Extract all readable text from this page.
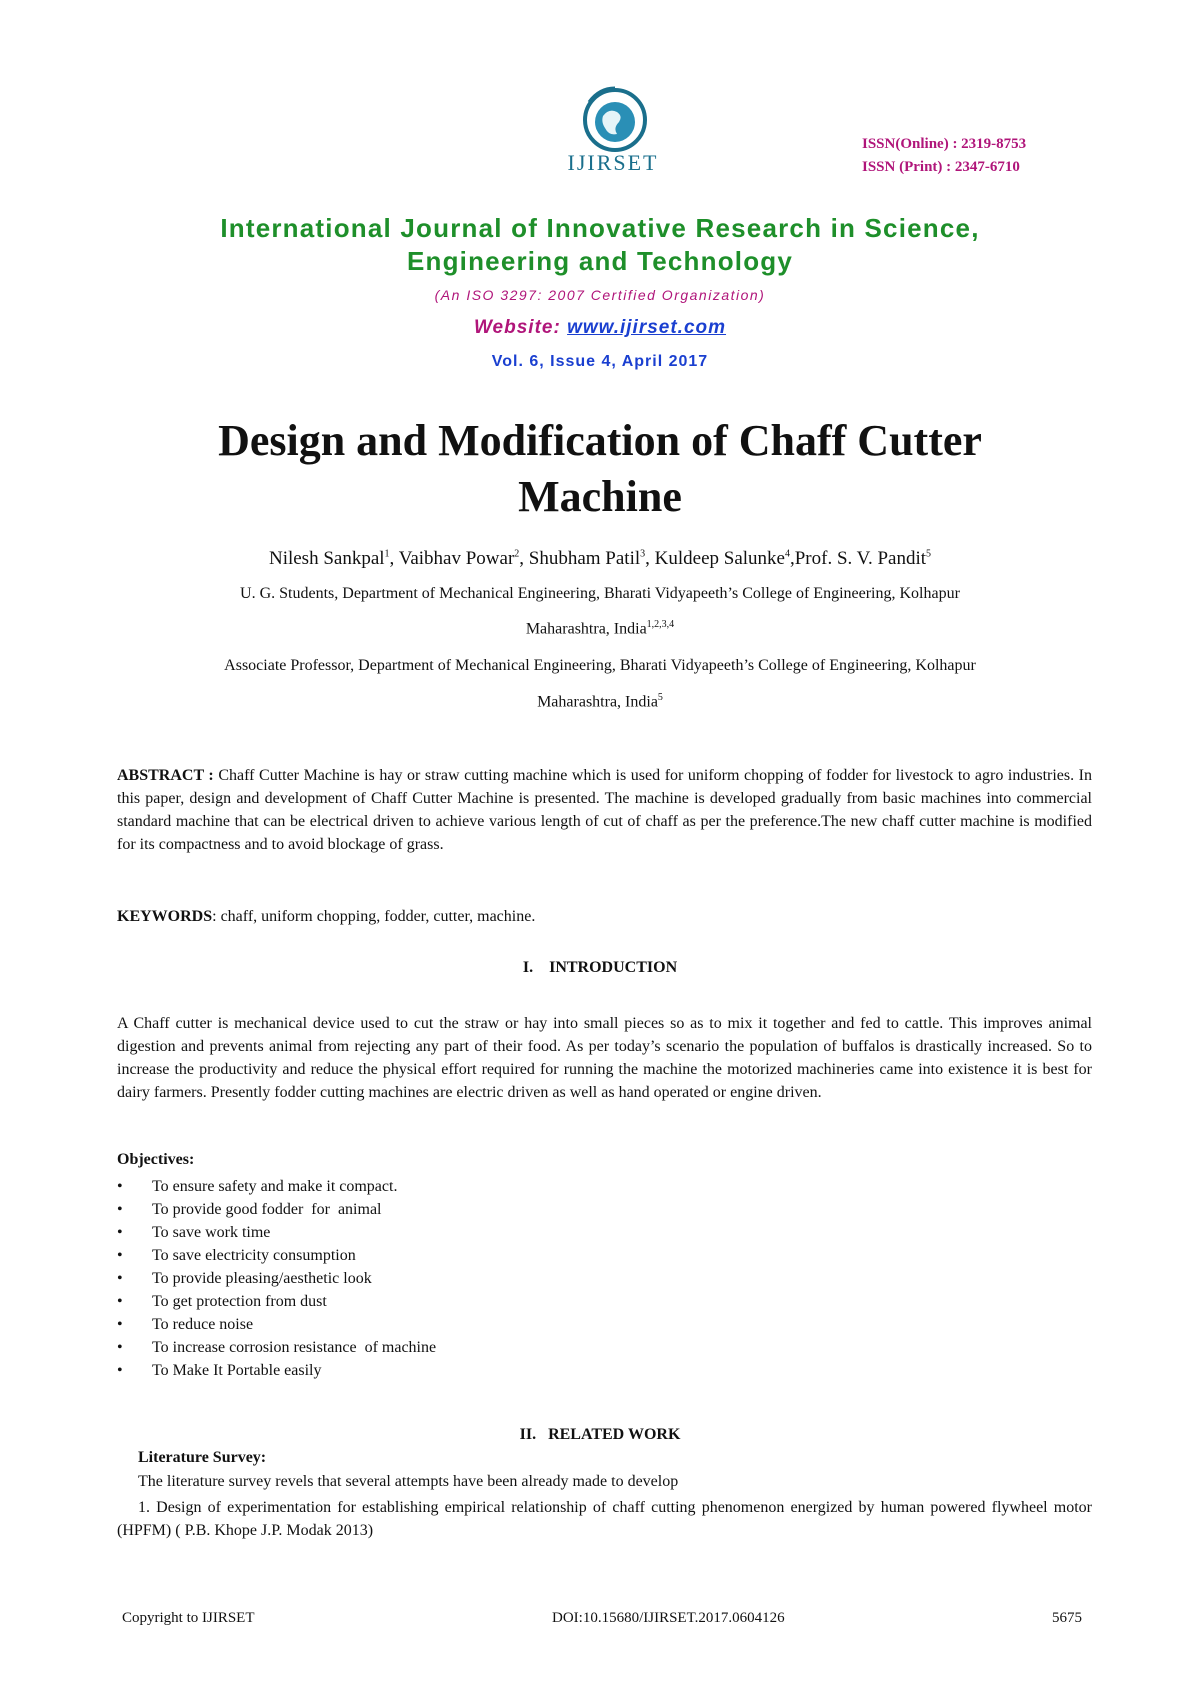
IJIRSET
ISSN(Online) : 2319-8753
ISSN (Print) : 2347-6710
International Journal of Innovative Research in Science,
Engineering and Technology
(An ISO 3297: 2007 Certified Organization)
Website: www.ijirset.com
Vol. 6, Issue 4, April 2017
Design and Modification of Chaff Cutter
Machine
Nilesh Sankpal$^1$, Vaibhav Powar$^2$, Shubham Patil$^3$, Kuldeep Salunke$^4$,Prof. S. V. Pandit$^5$
U. G. Students, Department of Mechanical Engineering, Bharati Vidyapeeth’s College of Engineering, Kolhapur
Maharashtra, India$^{1,2,3,4}$
Associate Professor, Department of Mechanical Engineering, Bharati Vidyapeeth’s College of Engineering, Kolhapur
Maharashtra, India$^5$
ABSTRACT : Chaff Cutter Machine is hay or straw cutting machine which is used for uniform chopping of fodder for livestock to agro industries. In this paper, design and development of Chaff Cutter Machine is presented. The machine is developed gradually from basic machines into commercial standard machine that can be electrical driven to achieve various length of cut of chaff as per the preference.The new chaff cutter machine is modified for its compactness and to avoid blockage of grass.
KEYWORDS: chaff, uniform chopping, fodder, cutter, machine.
I.    INTRODUCTION
A Chaff cutter is mechanical device used to cut the straw or hay into small pieces so as to mix it together and fed to cattle. This improves animal digestion and prevents animal from rejecting any part of their food. As per today’s scenario the population of buffalos is drastically increased. So to increase the productivity and reduce the physical effort required for running the machine the motorized machineries came into existence it is best for dairy farmers. Presently fodder cutting machines are electric driven as well as hand operated or engine driven.
Objectives:
• To ensure safety and make it compact.
• To provide good fodder  for  animal
• To save work time
• To save electricity consumption
• To provide pleasing/aesthetic look
• To get protection from dust
• To reduce noise
• To increase corrosion resistance  of machine
• To Make It Portable easily
II.   RELATED WORK
Literature Survey:
The literature survey revels that several attempts have been already made to develop
1. Design of experimentation for establishing empirical relationship of chaff cutting phenomenon energized by human powered flywheel motor (HPFM) ( P.B. Khope J.P. Modak 2013)
Copyright to IJIRSET	DOI:10.15680/IJIRSET.2017.0604126	5675
